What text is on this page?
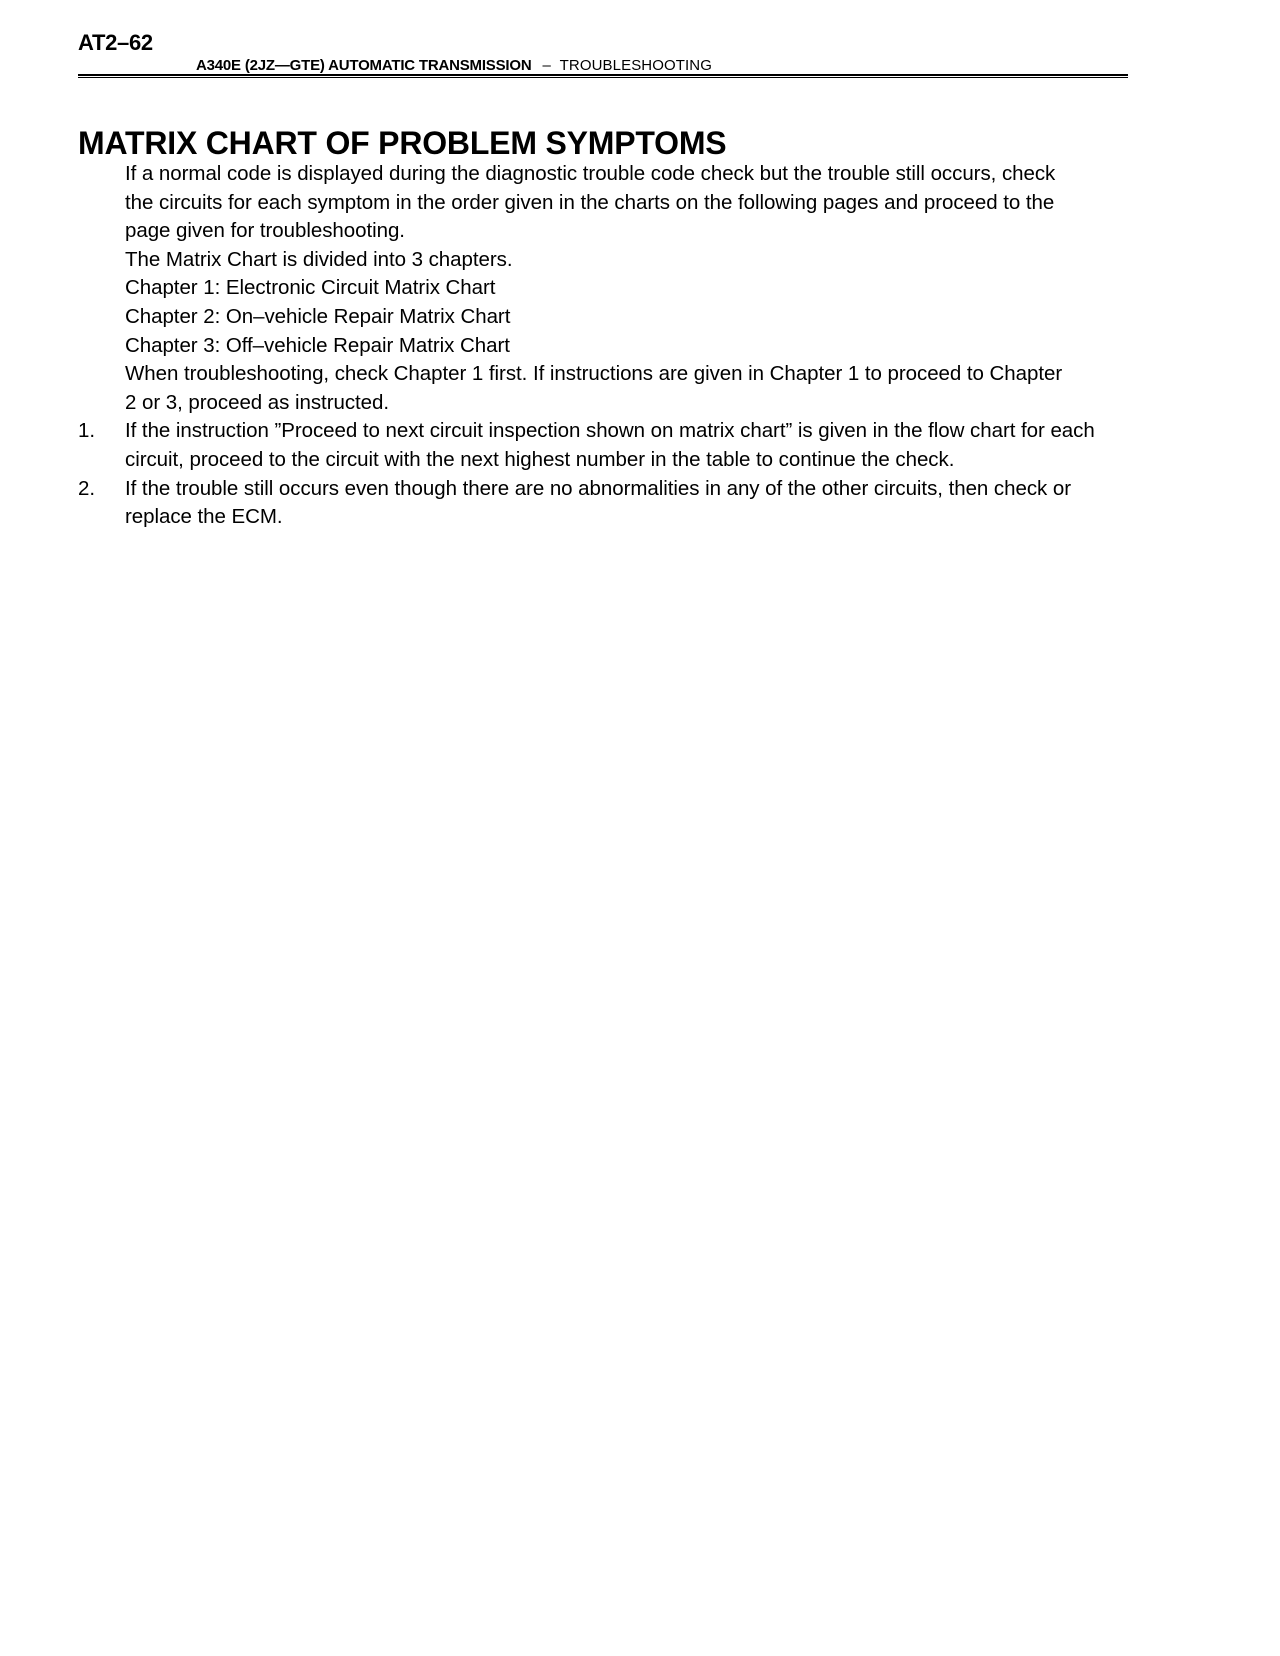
AT2–62
A340E (2JZ—GTE) AUTOMATIC TRANSMISSION – TROUBLESHOOTING
MATRIX CHART OF PROBLEM SYMPTOMS
If a normal code is displayed during the diagnostic trouble code check but the trouble still occurs, check
the circuits for each symptom in the order given in the charts on the following pages and proceed to the
page given for troubleshooting.
The Matrix Chart is divided into 3 chapters.
Chapter 1: Electronic Circuit Matrix Chart
Chapter 2: On–vehicle Repair Matrix Chart
Chapter 3: Off–vehicle Repair Matrix Chart
When troubleshooting, check Chapter 1 first. If instructions are given in Chapter 1 to proceed to Chapter
2 or 3, proceed as instructed.
1.	If the instruction ”Proceed to next circuit inspection shown on matrix chart” is given in the flow chart for each
circuit, proceed to the circuit with the next highest number in the table to continue the check.
2.	If the trouble still occurs even though there are no abnormalities in any of the other circuits, then check or
replace the ECM.
